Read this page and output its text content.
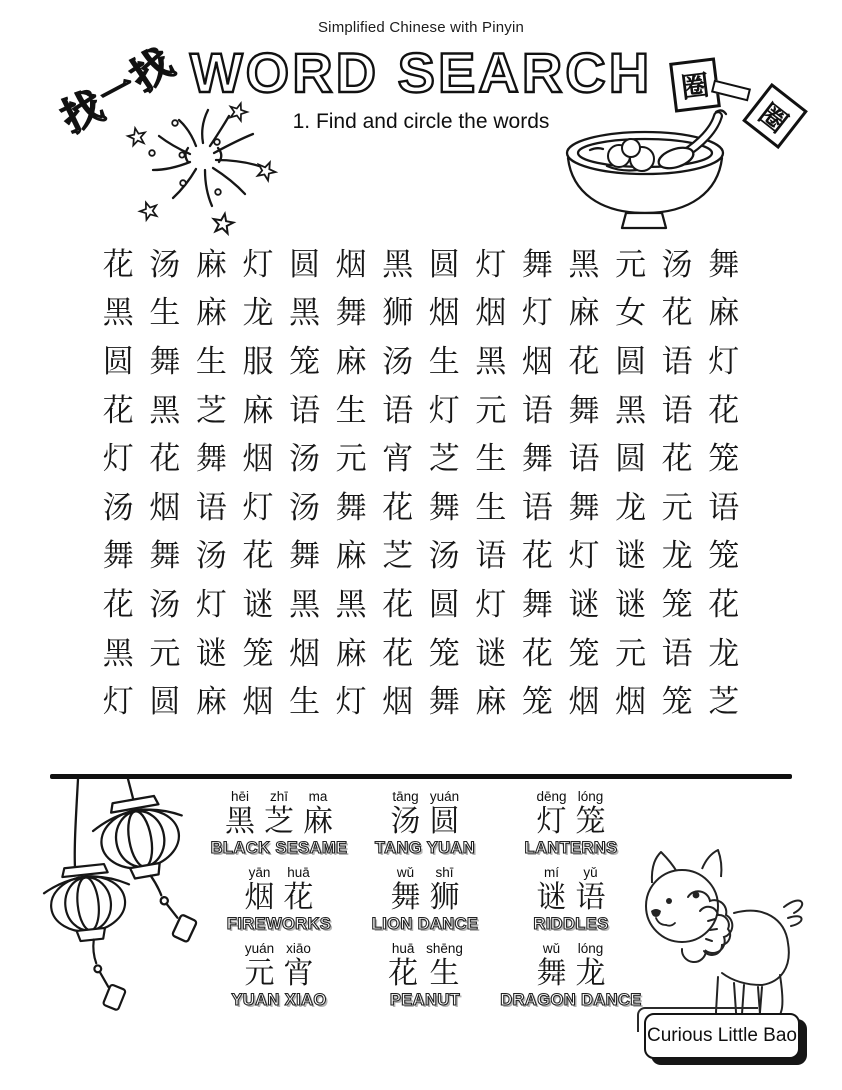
Simplified Chinese with Pinyin
找
一
找 WORD SEARCH 圈
圈
1. Find and circle the words
花 汤 麻 灯 圆 烟 黑 圆 灯 舞 黑 元 汤 舞
黑 生 麻 龙 黑 舞 狮 烟 烟 灯 麻 女 花 麻
圆 舞 生 服 笼 麻 汤 生 黑 烟 花 圆 语 灯
花 黑 芝 麻 语 生 语 灯 元 语 舞 黑 语 花
灯 花 舞 烟 汤 元 宵 芝 生 舞 语 圆 花 笼
汤 烟 语 灯 汤 舞 花 舞 生 语 舞 龙 元 语
舞 舞 汤 花 舞 麻 芝 汤 语 花 灯 谜 龙 笼
花 汤 灯 谜 黑 黑 花 圆 灯 舞 谜 谜 笼 花
黑 元 谜 笼 烟 麻 花 笼 谜 花 笼 元 语 龙
灯 圆 麻 烟 生 灯 烟 舞 麻 笼 烟 烟 笼 芝
hēi
黑
zhī
芝
ma
麻
BLACK SESAME
tāng
汤
yuán
圆
TANG YUAN
dēng
灯
lóng
笼
LANTERNS
yān
烟
huā
花
FIREWORKS
wǔ
舞
shī
狮
LION DANCE
mí
谜
yǔ
语
RIDDLES
yuán
元
xiāo
宵
YUAN XIAO
huā
花
shēng
生
PEANUT
wǔ
舞
lóng
龙
DRAGON DANCE
Curious Little Bao
